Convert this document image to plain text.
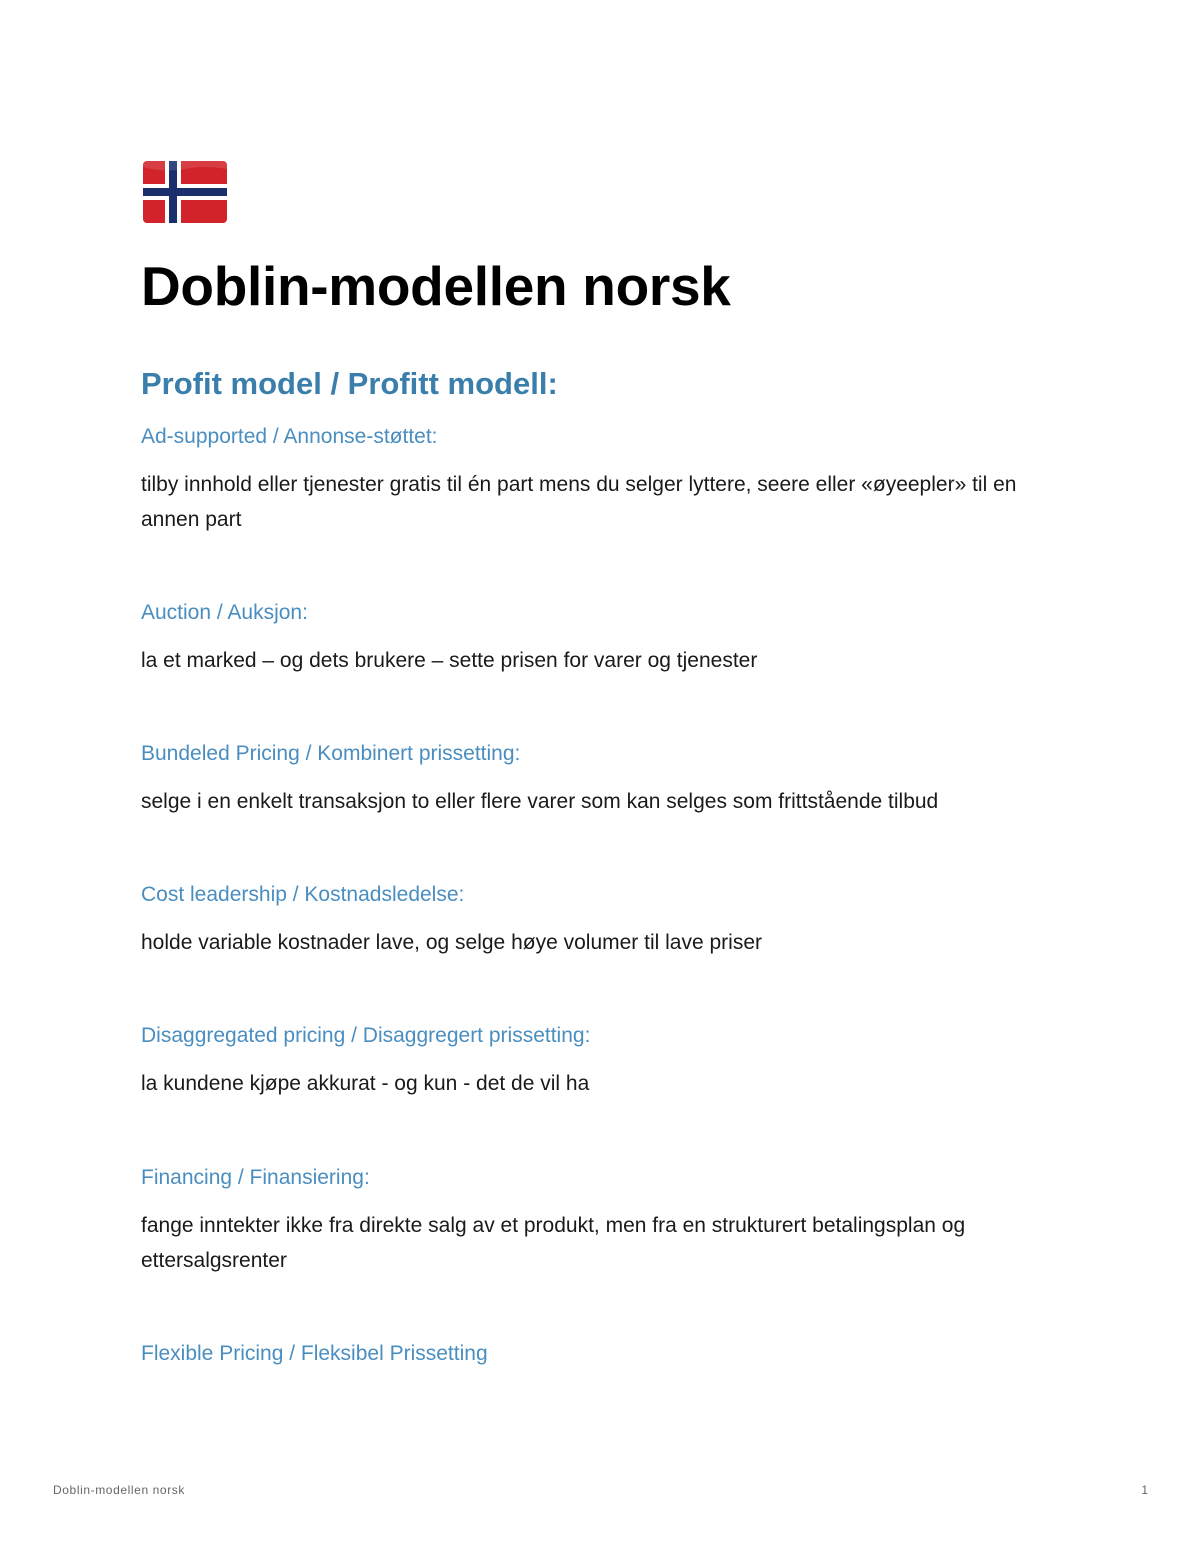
Doblin-modellen norsk
Profit model / Profitt modell:
Ad-supported / Annonse-støttet:

tilby innhold eller tjenester gratis til én part mens du selger lyttere, seere eller «øyeepler» til en annen part

Auction / Auksjon:

la et marked – og dets brukere – sette prisen for varer og tjenester

Bundeled Pricing / Kombinert prissetting:

selge i en enkelt transaksjon to eller flere varer som kan selges som frittstående tilbud

Cost leadership / Kostnadsledelse:

holde variable kostnader lave, og selge høye volumer til lave priser

Disaggregated pricing / Disaggregert prissetting:

la kundene kjøpe akkurat - og kun - det de vil ha

Financing / Finansiering:

fange inntekter ikke fra direkte salg av et produkt, men fra en strukturert betalingsplan og ettersalgsrenter

Flexible Pricing / Fleksibel Prissetting
Doblin-modellen norsk	1
